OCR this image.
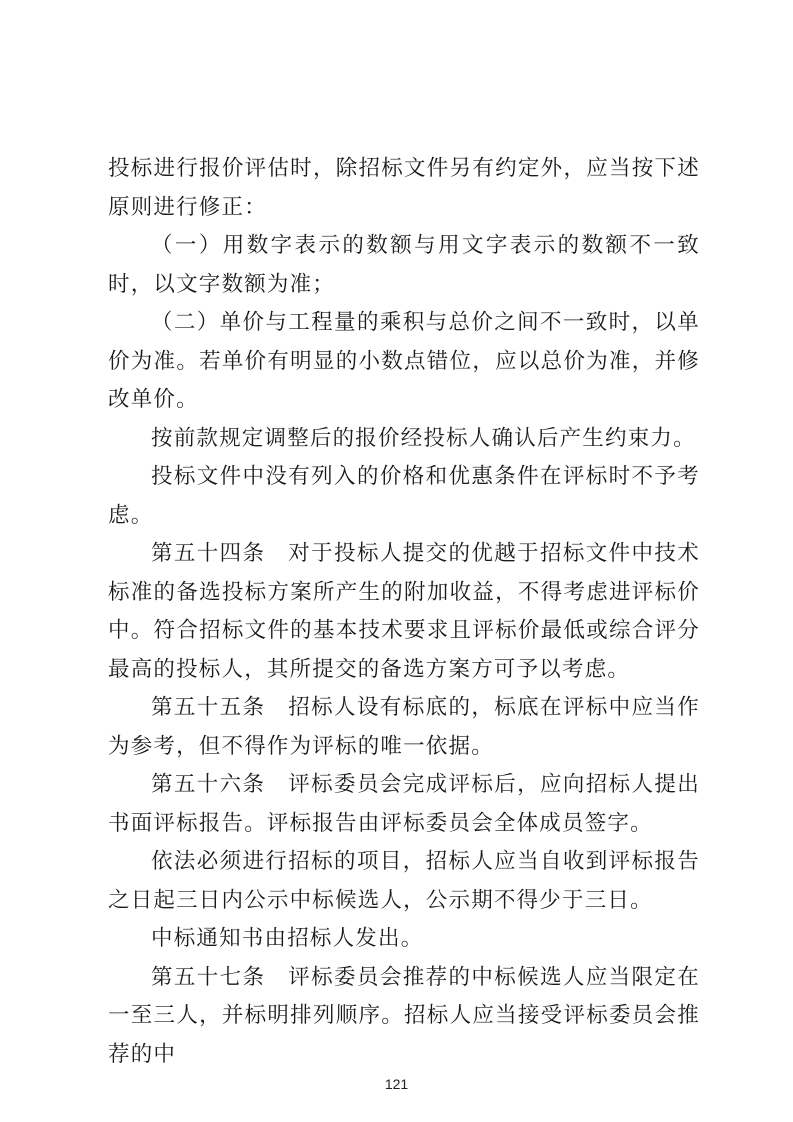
投标进行报价评估时，除招标文件另有约定外，应当按下述原则进行修正：

（一）用数字表示的数额与用文字表示的数额不一致时，以文字数额为准；

（二）单价与工程量的乘积与总价之间不一致时，以单价为准。若单价有明显的小数点错位，应以总价为准，并修改单价。

按前款规定调整后的报价经投标人确认后产生约束力。

投标文件中没有列入的价格和优惠条件在评标时不予考虑。

第五十四条　对于投标人提交的优越于招标文件中技术标准的备选投标方案所产生的附加收益，不得考虑进评标价中。符合招标文件的基本技术要求且评标价最低或综合评分最高的投标人，其所提交的备选方案方可予以考虑。

第五十五条　招标人设有标底的，标底在评标中应当作为参考，但不得作为评标的唯一依据。

第五十六条　评标委员会完成评标后，应向招标人提出书面评标报告。评标报告由评标委员会全体成员签字。

依法必须进行招标的项目，招标人应当自收到评标报告之日起三日内公示中标候选人，公示期不得少于三日。

中标通知书由招标人发出。

第五十七条　评标委员会推荐的中标候选人应当限定在一至三人，并标明排列顺序。招标人应当接受评标委员会推荐的中

121
